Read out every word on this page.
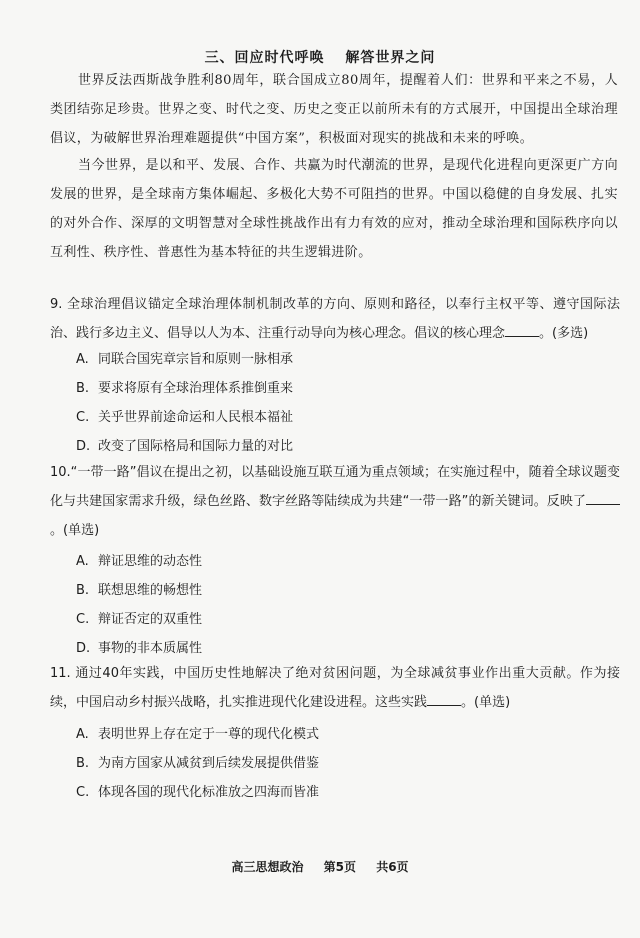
三、回应时代呼唤　 解答世界之问
世界反法西斯战争胜利80周年，联合国成立80周年，提醒着人们：世界和平来之不易，人类团结弥足珍贵。世界之变、时代之变、历史之变正以前所未有的方式展开，中国提出全球治理倡议，为破解世界治理难题提供“中国方案”，积极面对现实的挑战和未来的呼唤。
当今世界，是以和平、发展、合作、共赢为时代潮流的世界，是现代化进程向更深更广方向发展的世界，是全球南方集体崛起、多极化大势不可阻挡的世界。中国以稳健的自身发展、扎实的对外合作、深厚的文明智慧对全球性挑战作出有力有效的应对，推动全球治理和国际秩序向以互利性、秩序性、普惠性为基本特征的共生逻辑进阶。
9. 全球治理倡议锚定全球治理体制机制改革的方向、原则和路径，以奉行主权平等、遵守国际法治、践行多边主义、倡导以人为本、注重行动导向为核心理念。倡议的核心理念	。(多选)
A. 同联合国宪章宗旨和原则一脉相承
B. 要求将原有全球治理体系推倒重来
C. 关乎世界前途命运和人民根本福祉
D. 改变了国际格局和国际力量的对比
10.“一带一路”倡议在提出之初，以基础设施互联互通为重点领域；在实施过程中，随着全球议题变化与共建国家需求升级，绿色丝路、数字丝路等陆续成为共建“一带一路”的新关键词。反映了。(单选)
A. 辩证思维的动态性
B. 联想思维的畅想性
C. 辩证否定的双重性
D. 事物的非本质属性
11. 通过40年实践，中国历史性地解决了绝对贫困问题，为全球减贫事业作出重大贡献。作为接续，中国启动乡村振兴战略，扎实推进现代化建设进程。这些实践	。(单选)
A. 表明世界上存在定于一尊的现代化模式
B. 为南方国家从减贫到后续发展提供借鉴
C. 体现各国的现代化标准放之四海而皆准
高三思想政治 第5页 共6页
